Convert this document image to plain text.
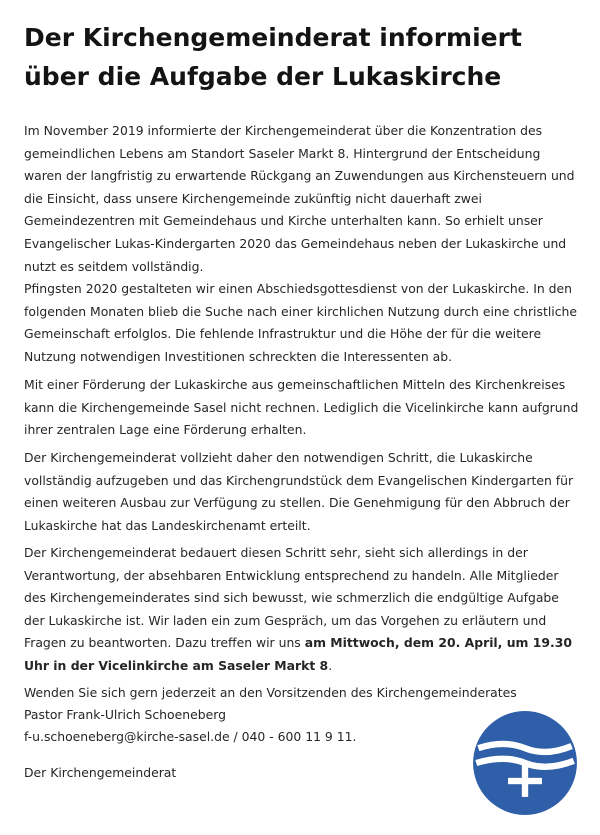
Der Kirchengemeinderat informiert
über die Aufgabe der Lukaskirche

Im November 2019 informierte der Kirchengemeinderat über die Konzentration des gemeindlichen Lebens am Standort Saseler Markt 8. Hintergrund der Entscheidung waren der langfristig zu erwartende Rückgang an Zuwendungen aus Kirchensteuern und die Einsicht, dass unsere Kirchengemeinde zukünftig nicht dauerhaft zwei Gemeindezentren mit Gemeindehaus und Kirche unterhalten kann. So erhielt unser Evangelischer Lukas-Kindergarten 2020 das Gemeindehaus neben der Lukaskirche und nutzt es seitdem vollständig.

Pfingsten 2020 gestalteten wir einen Abschiedsgottesdienst von der Lukaskirche. In den folgenden Monaten blieb die Suche nach einer kirchlichen Nutzung durch eine christliche Gemeinschaft erfolglos. Die fehlende Infrastruktur und die Höhe der für die weitere Nutzung notwendigen Investitionen schreckten die Interessenten ab.

Mit einer Förderung der Lukaskirche aus gemeinschaftlichen Mitteln des Kirchenkreises kann die Kirchengemeinde Sasel nicht rechnen. Lediglich die Vicelinkirche kann aufgrund ihrer zentralen Lage eine Förderung erhalten.

Der Kirchengemeinderat vollzieht daher den notwendigen Schritt, die Lukaskirche vollständig aufzugeben und das Kirchengrundstück dem Evangelischen Kindergarten für einen weiteren Ausbau zur Verfügung zu stellen. Die Genehmigung für den Abbruch der Lukaskirche hat das Landeskirchenamt erteilt.

Der Kirchengemeinderat bedauert diesen Schritt sehr, sieht sich allerdings in der Verantwortung, der absehbaren Entwicklung entsprechend zu handeln. Alle Mitglieder des Kirchengemeinderates sind sich bewusst, wie schmerzlich die endgültige Aufgabe der Lukaskirche ist. Wir laden ein zum Gespräch, um das Vorgehen zu erläutern und Fragen zu beantworten. Dazu treffen wir uns am Mittwoch, dem 20. April, um 19.30 Uhr in der Vicelinkirche am Saseler Markt 8.

Wenden Sie sich gern jederzeit an den Vorsitzenden des Kirchengemeinderates

Pastor Frank-Ulrich Schoeneberg

f-u.schoeneberg@kirche-sasel.de / 040 - 600 11 9 11.

Der Kirchengemeinderat
